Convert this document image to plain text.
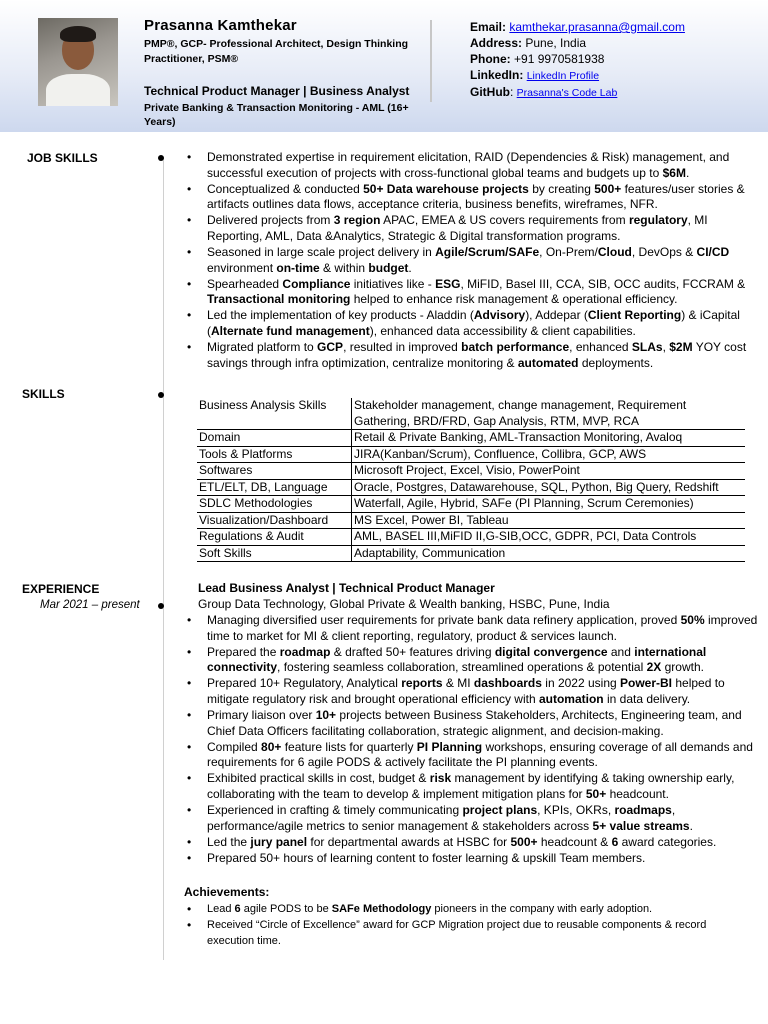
Prasanna Kamthekar
PMP®, GCP- Professional Architect, Design Thinking Practitioner, PSM®
Technical Product Manager | Business Analyst
Private Banking & Transaction Monitoring - AML (16+ Years)
Email: kamthekar.prasanna@gmail.com
Address: Pune, India
Phone: +91 9970581938
LinkedIn: LinkedIn Profile
GitHub: Prasanna's Code Lab
JOB SKILLS
SKILLS
EXPERIENCE
Mar 2021 – present
• Demonstrated expertise in requirement elicitation, RAID (Dependencies & Risk) management, and successful execution of projects with cross-functional global teams and budgets up to $6M.
• Conceptualized & conducted 50+ Data warehouse projects by creating 500+ features/user stories & artifacts outlines data flows, acceptance criteria, business benefits, wireframes, NFR.
• Delivered projects from 3 region APAC, EMEA & US covers requirements from regulatory, MI Reporting, AML, Data &Analytics, Strategic & Digital transformation programs.
• Seasoned in large scale project delivery in Agile/Scrum/SAFe, On-Prem/Cloud, DevOps & CI/CD environment on-time & within budget.
• Spearheaded Compliance initiatives like - ESG, MiFID, Basel III, CCA, SIB, OCC audits, FCCRAM & Transactional monitoring helped to enhance risk management & operational efficiency.
• Led the implementation of key products - Aladdin (Advisory), Addepar (Client Reporting) & iCapital (Alternate fund management), enhanced data accessibility & client capabilities.
• Migrated platform to GCP, resulted in improved batch performance, enhanced SLAs, $2M YOY cost savings through infra optimization, centralize monitoring & automated deployments.
Business Analysis Skills	Stakeholder management, change management, Requirement Gathering, BRD/FRD, Gap Analysis, RTM, MVP, RCA
Domain	Retail & Private Banking, AML-Transaction Monitoring, Avaloq
Tools & Platforms	JIRA(Kanban/Scrum), Confluence, Collibra, GCP, AWS
Softwares	Microsoft Project, Excel, Visio, PowerPoint
ETL/ELT, DB, Language	Oracle, Postgres, Datawarehouse, SQL, Python, Big Query, Redshift
SDLC Methodologies	Waterfall, Agile, Hybrid, SAFe (PI Planning, Scrum Ceremonies)
Visualization/Dashboard	MS Excel, Power BI, Tableau
Regulations & Audit	AML, BASEL III,MiFID II,G-SIB,OCC, GDPR, PCI, Data Controls
Soft Skills	Adaptability, Communication
Lead Business Analyst | Technical Product Manager
Group Data Technology, Global Private & Wealth banking, HSBC, Pune, India
• Managing diversified user requirements for private bank data refinery application, proved 50% improved time to market for MI & client reporting, regulatory, product & services launch.
• Prepared the roadmap & drafted 50+ features driving digital convergence and international connectivity, fostering seamless collaboration, streamlined operations & potential 2X growth.
• Prepared 10+ Regulatory, Analytical reports & MI dashboards in 2022 using Power-BI helped to mitigate regulatory risk and brought operational efficiency with automation in data delivery.
• Primary liaison over 10+ projects between Business Stakeholders, Architects, Engineering team, and Chief Data Officers facilitating collaboration, strategic alignment, and decision-making.
• Compiled 80+ feature lists for quarterly PI Planning workshops, ensuring coverage of all demands and requirements for 6 agile PODS & actively facilitate the PI planning events.
• Exhibited practical skills in cost, budget & risk management by identifying & taking ownership early, collaborating with the team to develop & implement mitigation plans for 50+ headcount.
• Experienced in crafting & timely communicating project plans, KPIs, OKRs, roadmaps, performance/agile metrics to senior management & stakeholders across 5+ value streams.
• Led the jury panel for departmental awards at HSBC for 500+ headcount & 6 award categories.
• Prepared 50+ hours of learning content to foster learning & upskill Team members.
Achievements:
• Lead 6 agile PODS to be SAFe Methodology pioneers in the company with early adoption.
• Received “Circle of Excellence” award for GCP Migration project due to reusable components & record execution time.
